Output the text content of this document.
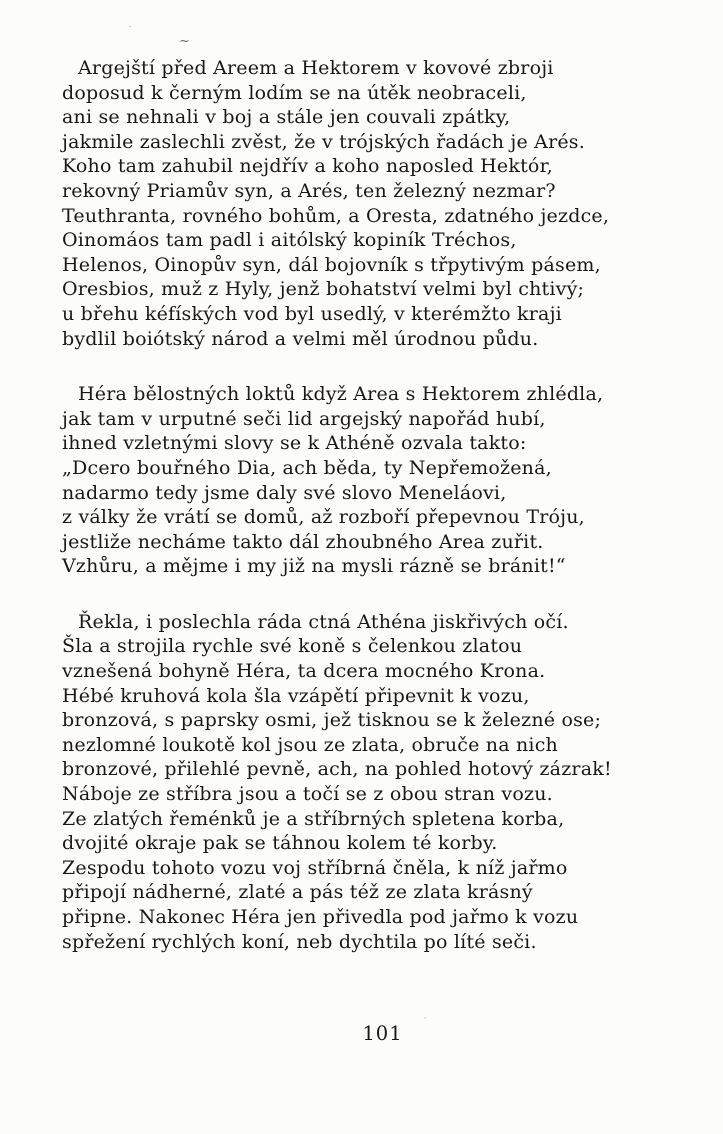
.
~
"
Argejští před Areem a Hektorem v kovové zbroji
doposud k černým lodím se na útěk neobraceli,
ani se nehnali v boj a stále jen couvali zpátky,
jakmile zaslechli zvěst, že v trójských řadách je Arés.
Koho tam zahubil nejdřív a koho naposled Hektór,
rekovný Priamův syn, a Arés, ten železný nezmar?
Teuthranta, rovného bohům, a Oresta, zdatného jezdce,
Oinomáos tam padl i aitólský kopiník Tréchos,
Helenos, Oinopův syn, dál bojovník s třpytivým pásem,
Oresbios, muž z Hyly, jenž bohatství velmi byl chtivý;
u břehu kéfíských vod byl usedlý, v kterémžto kraji
bydlil boiótský národ a velmi měl úrodnou půdu.
Héra bělostných loktů když Area s Hektorem zhlédla,
jak tam v urputné seči lid argejský napořád hubí,
ihned vzletnými slovy se k Athéně ozvala takto:
„Dcero bouřného Dia, ach běda, ty Nepřemožená,
nadarmo tedy jsme daly své slovo Meneláovi,
z války že vrátí se domů, až rozboří přepevnou Tróju,
jestliže necháme takto dál zhoubného Area zuřit.
Vzhůru, a mějme i my již na mysli rázně se bránit!“
Řekla, i poslechla ráda ctná Athéna jiskřivých očí.
Šla a strojila rychle své koně s čelenkou zlatou
vznešená bohyně Héra, ta dcera mocného Krona.
Hébé kruhová kola šla vzápětí připevnit k vozu,
bronzová, s paprsky osmi, jež tisknou se k železné ose;
nezlomné loukotě kol jsou ze zlata, obruče na nich
bronzové, přilehlé pevně, ach, na pohled hotový zázrak!
Náboje ze stříbra jsou a točí se z obou stran vozu.
Ze zlatých řeménků je a stříbrných spletena korba,
dvojité okraje pak se táhnou kolem té korby.
Zespodu tohoto vozu voj stříbrná čněla, k níž jařmo
připojí nádherné, zlaté a pás též ze zlata krásný
připne. Nakonec Héra jen přivedla pod jařmo k vozu
spřežení rychlých koní, neb dychtila po líté seči.
101
